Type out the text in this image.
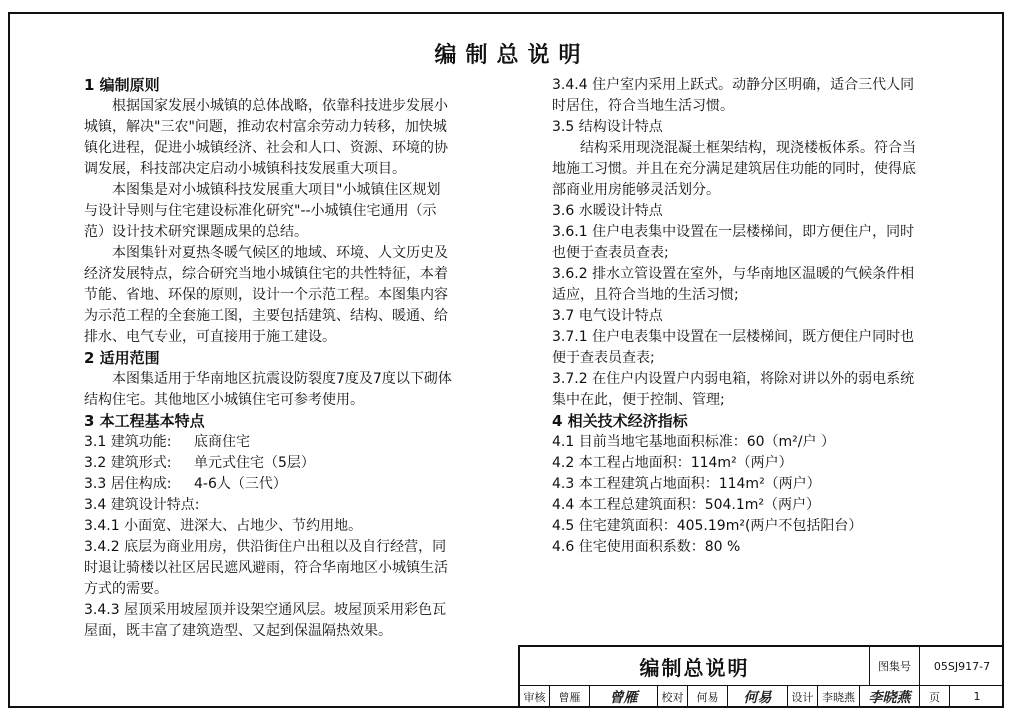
编制总说明
1 编制原则
根据国家发展小城镇的总体战略，依靠科技进步发展小
城镇，解决"三农"问题，推动农村富余劳动力转移，加快城
镇化进程，促进小城镇经济、社会和人口、资源、环境的协
调发展，科技部决定启动小城镇科技发展重大项目。
本图集是对小城镇科技发展重大项目"小城镇住区规划
与设计导则与住宅建设标准化研究"--小城镇住宅通用（示
范）设计技术研究课题成果的总结。
本图集针对夏热冬暖气候区的地域、环境、人文历史及
经济发展特点，综合研究当地小城镇住宅的共性特征，本着
节能、省地、环保的原则，设计一个示范工程。本图集内容
为示范工程的全套施工图，主要包括建筑、结构、暖通、给
排水、电气专业，可直接用于施工建设。
2 适用范围
本图集适用于华南地区抗震设防裂度7度及7度以下砌体
结构住宅。其他地区小城镇住宅可参考使用。
3 本工程基本特点
3.1 建筑功能:	底商住宅
3.2 建筑形式:	单元式住宅（5层）
3.3 居住构成:	4-6人（三代）
3.4 建筑设计特点:
3.4.1 小面宽、进深大、占地少、节约用地。
3.4.2 底层为商业用房，供沿街住户出租以及自行经营，同
时退让骑楼以社区居民遮风避雨，符合华南地区小城镇生活
方式的需要。
3.4.3 屋顶采用坡屋顶并设架空通风层。坡屋顶采用彩色瓦
屋面，既丰富了建筑造型、又起到保温隔热效果。
3.4.4 住户室内采用上跃式。动静分区明确，适合三代人同
时居住，符合当地生活习惯。
3.5 结构设计特点
结构采用现浇混凝土框架结构，现浇楼板体系。符合当
地施工习惯。并且在充分满足建筑居住功能的同时，使得底
部商业用房能够灵活划分。
3.6 水暖设计特点
3.6.1 住户电表集中设置在一层楼梯间，即方便住户，同时
也便于查表员查表;
3.6.2 排水立管设置在室外，与华南地区温暖的气候条件相
适应，且符合当地的生活习惯;
3.7 电气设计特点
3.7.1 住户电表集中设置在一层楼梯间，既方便住户同时也
便于查表员查表;
3.7.2 在住户内设置户内弱电箱，将除对讲以外的弱电系统
集中在此，便于控制、管理;
4 相关技术经济指标
4.1 目前当地宅基地面积标准：60（m²/户 ）
4.2 本工程占地面积：114m²（两户）
4.3 本工程建筑占地面积：114m²（两户）
4.4 本工程总建筑面积：504.1m²（两户）
4.5 住宅建筑面积：405.19m²(两户不包括阳台）
4.6 住宅使用面积系数：80 %
编制总说明	图集号	05SJ917-7
审核	曾雁	曾雁	校对	何易	何易	设计 李晓燕 李晓燕	页	1
